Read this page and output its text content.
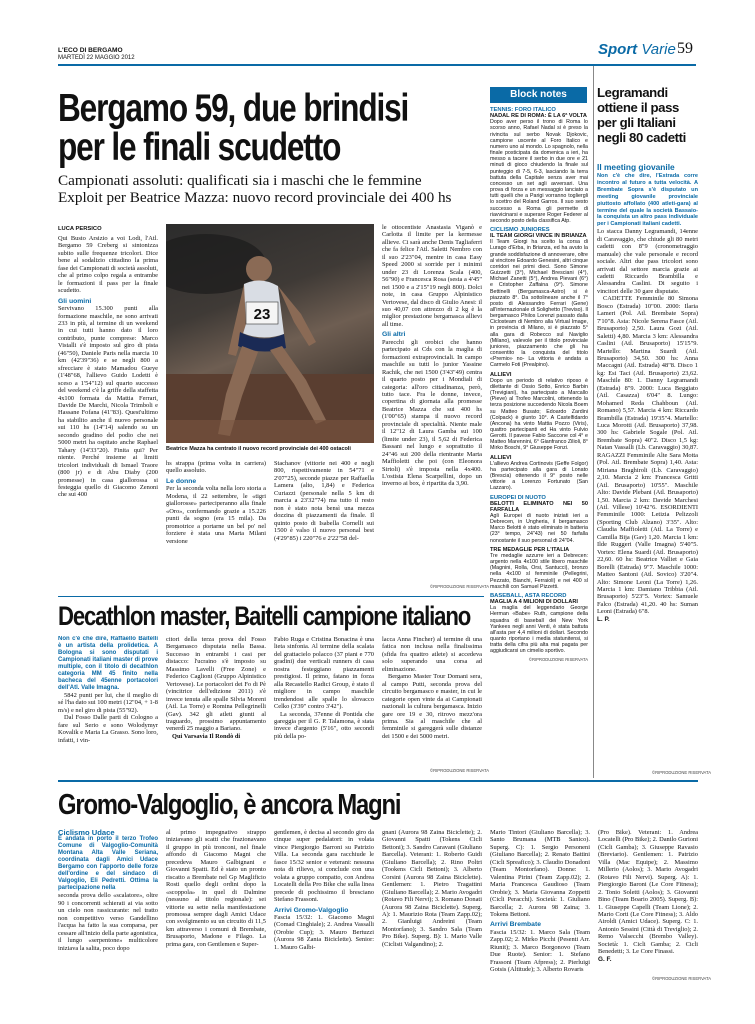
L'ECO DI BERGAMO
MARTEDÌ 22 MAGGIO 2012	Sport Varie 59
Bergamo 59, due brindisi
per le finali scudetto
Campionati assoluti: qualificati sia i maschi che le femmine
Exploit per Beatrice Mazza: nuovo record provinciale dei 400 hs
LUCA PERSICO

Qui Busto Arsizio a voi Lodi, l'Atl. Bergamo 59 Creberg si sintonizza subito sulle frequenze tricolori. Dice bene al sodalizio cittadino la prima fase dei Campionati di società assoluti, che al primo colpo regala a entrambe le formazioni il pass per la finale scudetto.

Gli uomini

Servivano 15.300 punti alla formazione maschile, ne sono arrivati 233 in più, al termine di un weekend in cui tutti hanno dato il loro contributo, punte comprese: Marco Vistalli s'è imposto sul giro di pista (46"50), Daniele Paris nella marcia 10 km (42'39"36) e se negli 800 a sfrecciare è stato Mamadou Gueye (1'48"68, l'allievo Guido Lodetti è sceso a 1'54"12) sul quarto successo del weekend c'è la griffe della staffetta 4x100 formata da Mattia Ferrari, Davide De Marchi, Nicola Trimboli e Hassane Fofana (41"83). Quest'ultimo ha stabilito anche il nuovo personale sui 110 hs (14"14) salendo su un secondo gradino del podio che nei 5000 metri ha ospitato anche Raphael Tahary (14'33"20). Finita qui? Per niente. Perché insieme ai limiti tricolori individuali di Ismael Traore (800 jr) e di Abu Diaby (200 promesse) in casa giallorossa si festeggia quello di Giacomo Zenoni che sui 400

23
Beatrice Mazza ha centrato il nuovo record provinciale dei 400 ostacoli

hs strappa (prima volta in carriera) quello assoluto.

Le donne

Per la seconda volta nella loro storia a Modena, il 22 settembre, le «tigri giallorosse» parteciperanno alla finale «Oro», confermando grazie a 15.226 punti da sogno (era 15 mila). Da promotrice a portarne un bel po' nel forziere è stata una Marta Milani versione

Stachanov (vittorie nei 400 e negli 800, rispettivamente in 54"71 e 2'07"25), seconde piazze per Raffaella Lamera (alto, 1,84) e Federica Curiazzi (personale nella 5 km di marcia a 23'32"74) ma tutto il resto non è stato nota bensì una mezza dozzina di piazzamenti da finale. Il quinto posto di Isabella Cornelli sui 1500 è valso il nuovo personal best (4'29"85) i 220"76 e 2'22"58 del-

le ottocentiste Anastasia Viganò e Carlotta il limite per la kermesse allieve. Ci sarà anche Denis Tagliaferri che fa felice l'Atl. Saletti Nembro con il suo 2'23"04, mentre in casa Easy Speed 2000 si sorride per i minimi under 23 di Lorenza Scala (400, 56"90) e Francesca Rosa (sesta a 4'45" nei 1500 e a 2'15"19 negli 800). Dolci note, in casa Gruppo Alpinistico Vertovese, dal disco di Giulio Anesi: il suo 40,07 con attrezzo di 2 kg è la miglior prestazione bergamasca allievi all time.

Gli altri

Parecchi gli orobici che hanno partecipato ai Cds con la maglia di formazioni extraprovinciali. In campo maschile su tutti lo junior Yassine Rachik, che nei 1500 (3'43"49) centra il quarto posto per i Mondiali di categoria: all'oro cittadinanza, però, tutto tace. Fra le donne, invece, copertina di giornata alla promesse Beatrice Mazza che sui 400 hs (1'00"65) stampa il nuovo record provinciale di specialità. Niente male il 12"12 di Laura Gamba sui 100 (limite under 23), il 5,62 di Federica Bassani nel lungo e soprattutto il 24"46 sui 200 della rientrante Marta Maffioletti che poi (con Eleonora Sirtoli) s'è imposta nella 4x400. L'ostista Elena Scarpellini, dopo un inverno ai box, è ripartita da 3,90.

©RIPRODUZIONE RISERVATA
Block notes

TENNIS: FORO ITALICO
NADAL RE DI ROMA: È LA 6ª VOLTA
Dopo aver perso il trono di Roma lo scorso anno, Rafael Nadal si è preso la rivincita sul serbo Novak Djokovic, campione uscente al Foro Italico e numero uno al mondo. Lo spagnolo, nella finale posticipata da domenica a ieri, ha messo a tacere il serbo in due ore e 21 minuti di gioco chiudendo la finale sul punteggio di 7-5, 6-3, lasciando la terra battuta della Capitale senza aver mai concesso un set agli avversari. Una prova di forza e un messaggio lanciato a tutti quelli che a Parigi vorranno togliergli lo scettro del Roland Garros. Il suo sesto successo a Roma gli permette di riavvicinarsi e superare Roger Federer al secondo posto della classifica Atp.

CICLISMO JUNIORES
IL TEAM GIORGI VINCE IN BRIANZA
Il Team Giorgi ha scelto la corsa di Lurago d'Erba, in Brianza, ed ha avuto la grande soddisfazione di annoverare, oltre al vincitore Edoardo Genesini, altri cinque corridori nei primi dieci. Sono Simone Guizzetti (3°), Michael Bresciani (4°), Michael Zanetti (5°), Andrea Pievani (6°) e Cristopher Zaffaina (9°). Simone Bettinelli (Bergamasca-Astro) si è piazzato 8°. Da sottolineare anche il 7° posto di Alessandro Ferrari (Gene) all'internazionale di Solighetto (Treviso). Il bergamasco Philos Lorenzi passato dalla Ciclosteam di Nembro alla Virtual Image, in provincia di Milano, si è piazzato 5° alla gara di Robecco sul Naviglio (Milano), valevole per il titolo provinciale juniores, piazzamento che gli ha consentito la conquista del titolo «Premio» no- La vittoria è andata a Carmelo Foti (Prealpino).

ALLIEVI
Dopo un periodo di relativo riposo è dilettante di Ossio Sotto, Enrico Barbin (Trevigiani), ha partecipato a Marcallo (Pieve) al Trofeo Marcolini, ottenendo la terza posizione succedendo Nicola Boem su Matteo Busato; Edoardo Zardini (Colpack) è giunto 10°. A Castelfidardo (Ancona) ha vinto Mattia Pozzo (Viris), quattro partecipanti ed Ha vinto Fulvio Gerotti. Il pavese Fabio Saccone col 4° e Matteo Marennini, 6° Gianfranco Zilioli, 8° Mirko Boschi, 9° Giuseppe Fonzi.

ALLIEVI
L'allievo Andrea Cortinovis (Geffe Folgor) ha partecipato alla gara di Lonato (Brescia) ottenendo il 9° posto nelle vittorie a Lorenzo Fortunato (San Lazzaro).

EUROPEI DI NUOTO
BELOTTI ELIMINATO NEI 50 FARFALLA
Agli Europei di nuoto iniziati ieri a Debrecen, in Ungheria, il bergamasco Marco Belotti è stato eliminato in batteria (23° tempo, 24"43) nei 50 farfalla nonostante il suo personal di 24"04.

TRE MEDAGLIE PER L'ITALIA
Tre medaglie azzurre ieri a Debrecen: argento nella 4x100 stile libero maschile (Magnini, Rolla, Orsi, Santucci), bronzo nella 4x100 sl femminile (Pellegrini, Pezzato, Bianchi, Ferraioli) e nei 400 sl maschili con Samuel Pizzetti.

BASEBALL, ASTA RECORD
MAGLIA A 4 MILIONI DI DOLLARI
La maglia del leggendario George Herman «Babe» Ruth, campione della squadra di baseball dei New York Yankees negli anni Venti, è stata battuta all'asta per 4,4 milioni di dollari. Secondo quanto riportano i media statunitensi, si tratta della cifra più alta mai pagata per aggiudicarsi un cimelio sportivo.

©RIPRODUZIONE RISERVATA
Legramandi ottiene il pass per gli Italiani negli 80 cadetti
Il meeting giovanile
Non c'è che dire, l'Estrada corre incontro al futuro a tutta velocità. A Brembate Sopra s'è disputato un meeting giovanile provinciale piuttosto affollato (400 atleti-gara) al termine del quale la società Bassaio-la conquista un altro pass individuale per i Campionati italiani cadetti.

Lo stacca Danny Legramandi, 14enne di Caravaggio, che chiude gli 80 metri cadetti con 8"9 (cronometraggio manuale) che vale personale e record sociale. Altri due pass tricolori sono arrivati dal settore marcia grazie ai cadetti Riccardo Brambilla e Alessandra Caslini. Di seguito i vincitori delle 30 gare disputate.

CADETTE Femminile 80 Simona Bosco (Estrada) 10"00. 2000: Ilaria Lameri (Pol. Atl. Brembate Sopra) 7'10"8. Asta: Nicole Serena Fasce (Atl. Brusaporto) 2,50. Laura Gozi (Atl. Saletti) 4,80. Marcia 3 km: Alessandra Caslini (Atl. Brusaporto) 15'15"9. Martello: Martina Suardi (Atl. Brusaporto) 34,50. 300 hs: Anna Maccagni (Atl. Estrada) 48"8. Disco 1 kg: Esi Taci (Atl. Brusaporto) 23,62. Maschile 80: 1. Danny Legramandi (Estrada) 8"9. 2000: Luca Beggiato (Atl. Casazza) 6'04" 8. Lungo: Mohamed Reda Chahboun (Atl. Romano) 5,57. Marcia 4 km: Riccardo Brambilla (Estrada) 19'35"4. Martello: Luca Morotti (Atl. Brusaporto) 37,98. 300 hs: Gabriele Sogale (Pol. Atl. Brembate Sopra) 40"2. Disco 1,5 kg: Natan Vassalli (Lb. Caravaggio) 30,87. RAGAZZI Femminile Alte Sara Motta (Pol. Atl. Brembate Sopra) 1,40. Asta: Miriana Braghiroli (Lb. Caravaggio) 2,10. Marcia 2 km: Francesca Gritti (Atl. Brusaporto) 10'55". Maschile Alto: Davide Plebani (Atl. Brusaporto) 1,50. Marcia 2 km: Davide Marchesi (Atl. Villese) 10'42"6. ESORDIENTI Femminile 1000: Letizia Pelizzoli (Sporting Club Alzano) 3'35". Alto: Claudia Maffioletti (Atl. La Torre) e Camilla Bija (Gav) 1,20. Marcia 1 km: Ilde Ruggeri (Valle Imagna) 5'40"5. Vortex: Elena Suardi (Atl. Brusaporto) 22,60. 60 hs: Beatrice Valliet e Gaia Borelli (Estrada) 9"7. Maschile 1000: Matteo Santoni (Atl. Sovico) 3'20"4. Alto: Simone Leoni (La Torre) 1,26. Marcia 1 km: Damiano Tribbia (Atl. Brusaporto) 5'23"5. Vortex: Samuele Falco (Estrada) 41,20. 40 hs: Suman Leoni (Estrada) 6"8.

L. P.

©RIPRODUZIONE RISERVATA
Decathlon master, Baitelli campione italiano
Non c'è che dire, Raffaello Baitelli è un artista della prolidetica. A Bologna si sono disputati i Campionati italiani master di prove multiple, con il titolo di decathlon categoria MM 45 finito nella bacheca del 45enne portacolori dell'Atl. Valle Imagna.

5842 punti per lui, che il meglio di sé l'ha dato sui 100 metri (12"04, + 1-8 m/s) e nel giro di pista (55"92).

Dal Fosso Dalle parti di Cologno a fare sul Serio e sono Wolodymyr Kovalik e Maria La Grasso. Sono loro, infatti, i vin-

citori della terza prova del Fosso Bergamasco disputata nella Bassa. Successo in entrambi i casi per distacco: l'ucraino s'è imposto su Massimo Lavelli (Free Zone) e Federico Caglioni (Gruppo Alpinistico Vertovese). Le portacolori dei Fo di Pè (vincitrice dell'edizione 2011) s'è invece tenuta alle spalle Silvia Moreni (Atl. La Torre) e Romina Pellegrinelli (Gav). 342 gli atleti giunti al traguardo, prossimo appuntamento venerdì 25 maggio a Bariano.

Qui Varsavia Il Rondò di

Fabio Ruga e Cristina Bonacina è una lieta sinfonia. Al termine della scalata del grattacielo polacco (37 piani e 770 gradini) due verticali runners di casa nostra festeggiano piazzamenti prestigiosi. Il primo, fatano in forza alla Recastello Radici Group, è stato il migliore in campo maschile trendendosi alle spalle lo slovacco Celko (3'39" contro 3'42").

La seconda, 37enne di Pontida che gareggia per il G. P. Talamona, è stata invece d'argento (5'16", otto secondi più della po-

lacca Anna Fincher) al termine di una fatica non inclusa nella finalissima (sfida fra quattro atlete) si accedeva solo superando una corsa ad eliminazione.

Bergamo Master Tour Domani sera, al campo Putti, seconda prova del circuito bergamasco e master, in cui le categorie open vinte da ai Campionati nazionali la cultura bergamasca. Inizio gare ore 19 e 30, ritrovo mezz'ora prima. Sia al maschile che al femminile si gareggerà sulle distanze dei 1500 e dei 5000 metri.

©RIPRODUZIONE RISERVATA
Gromo-Valgoglio, è ancora Magni
Ciclismo Udace
È andata in porto il terzo Trofeo Comune di Valgoglio-Comunità Montana Alta Valle Seriana, coordinata dagli Amici Udace Bergamo con l'apporto delle forze dell'ordine e del sindaco di Valgoglio, Eli Pedretti. Ottima la partecipazione nella

seconda prova dello «scalatore», oltre 90 i concorrenti schierati ai via sotto un cielo non rassicurante: nel tratto non competitivo verso Gandellino l'acqua ha fatto la sua comparsa, per cessare all'inizio della parte agonistica, il lungo «serpentone» multicolore iniziava la salita, poco dopo

al primo impegnativo strappo iniziavano gli scatti che frazionavano il gruppo in più tronconi, nel finale affondo di Giacomo Magni che precedeva Mauro Galbignani e Giovanni Spatti. Ed è stato un pronto riscatto a Brembate nel Gp Maglificio Rosti quello degli ordini dopo la «scoppola» in quel di Dalmine (nessuno al titolo regionale): sei vittorie su sette nella manifestazione promossa sempre dagli Amici Udace con svolgimento su un circuito di 11,5 km attraverso i comuni di Brembate, Brusaporto, Madone e Filago. La prima gara, con Gentlemen e Super-

gentlemen, è decisa al secondo giro da cinque super pedalatori: in volata vince Piergiorgio Barroni su Patrizio Villa. La seconda gara racchiude le fasce 15/32 senior e veterani: nessuna nota di rilievo, si conclude con una volata a gruppo compatto, con Andrea Locatelli della Pro Bike che sulla linea precede di pochissimo il bresciano Stefano Frassoni.

Arrivi Gromo-Valgoglio

Fascia 15/32: 1. Giacomo Magni (Comad Cinghiale); 2. Andrea Vassalli (Orobie Cup); 3. Mauro Bertuzzi (Aurora 98 Zania Biciclette). Senior: 1. Mauro Galbi-

gnani (Aurora 98 Zaina Biciclette); 2. Giovanni Spatti (Tokens Cicli Bettoni); 3. Sandro Caravani (Giuliano Barcella). Veterani: 1. Roberto Guidi (Giuliano Barcella); 2. Rino Poltri (Tookens Cicli Bettoni); 3. Alberto Corsini (Aurora 98 Zaina Biciclette). Gentlemen: 1. Pietro Tragattini (Giuliano Barcella); 2. Mario Avogadri (Rotavo Fili Nervi); 3. Romano Donati (Aurora 98 Zaina Biciclette). Superg. A): 1. Maurizio Rota (Team Zapp.02); 2. Gianluigi Andreini (Team Montorfano); 3. Sandro Sala (Team Pro Bike). Superg. B): 1. Mario Valle (Ciclisti Valgandino); 2.

Mario Tintori (Giuliano Barcella); 3. Santo Brumana (MTB Sanico). Superg. C): 1. Sergio Personeni (Giuliano Barcella); 2. Renato Battini (Cicli Spreafico); 3. Claudio Donadoni (Team Montorfano). Donne: 1. Valentina Pirini (Team Zapp.02); 2. Maria Francesca Gaudioso (Team Orobie); 3. Maria Giovanna Zoppetti (Cicli Peracchi). Società: 1. Giuliano Barcella; 2. Aurora 98 Zaina; 3. Tokens Bettoni.

Arrivi Brembate

Fascia 15/32: 1. Marco Sala (Team Zapp.02; 2. Mirko Picchi (Pesenti Arr. Riunit); 3. Marco Borgonovo (Team Due Ruote). Senior: 1. Stefano Frassoni (Team Afpress); 2. Pierluigi Gotsis (Altitude); 3. Alberto Rovaris

(Pro Bike). Veterani: 1. Andrea Locatelli (Pro Bike); 2. Danilo Gurioni (Cicli Gamba); 3. Giuseppe Ravasio (Breviario). Gentlemen: 1. Patrizio Villa (Mac Equipe); 2. Massimo Millerio (Aolos); 3. Mario Avogadri (Rotavo Fili Nervi). Superg. A): 1. Piergiorgio Baroni (Le Core Fitness); 2. Tonio Soletti (Aolos); 3. Giovanni Bino (Team Boario 2005). Superg. B): 1. Giuseppe Capelli (Team Lione); 2. Mario Corti (Le Core Fitness); 3. Aldo Airoldi (Amici Udace). Superg. C: 1. Antonio Sessini (Città di Treviglio); 2. Remo Valsecchi (Brembo Valley). Società: 1. Cicli Gamba; 2. Cicli Benedetti; 3. Le Core Finassi.

G. F.

©RIPRODUZIONE RISERVATA
